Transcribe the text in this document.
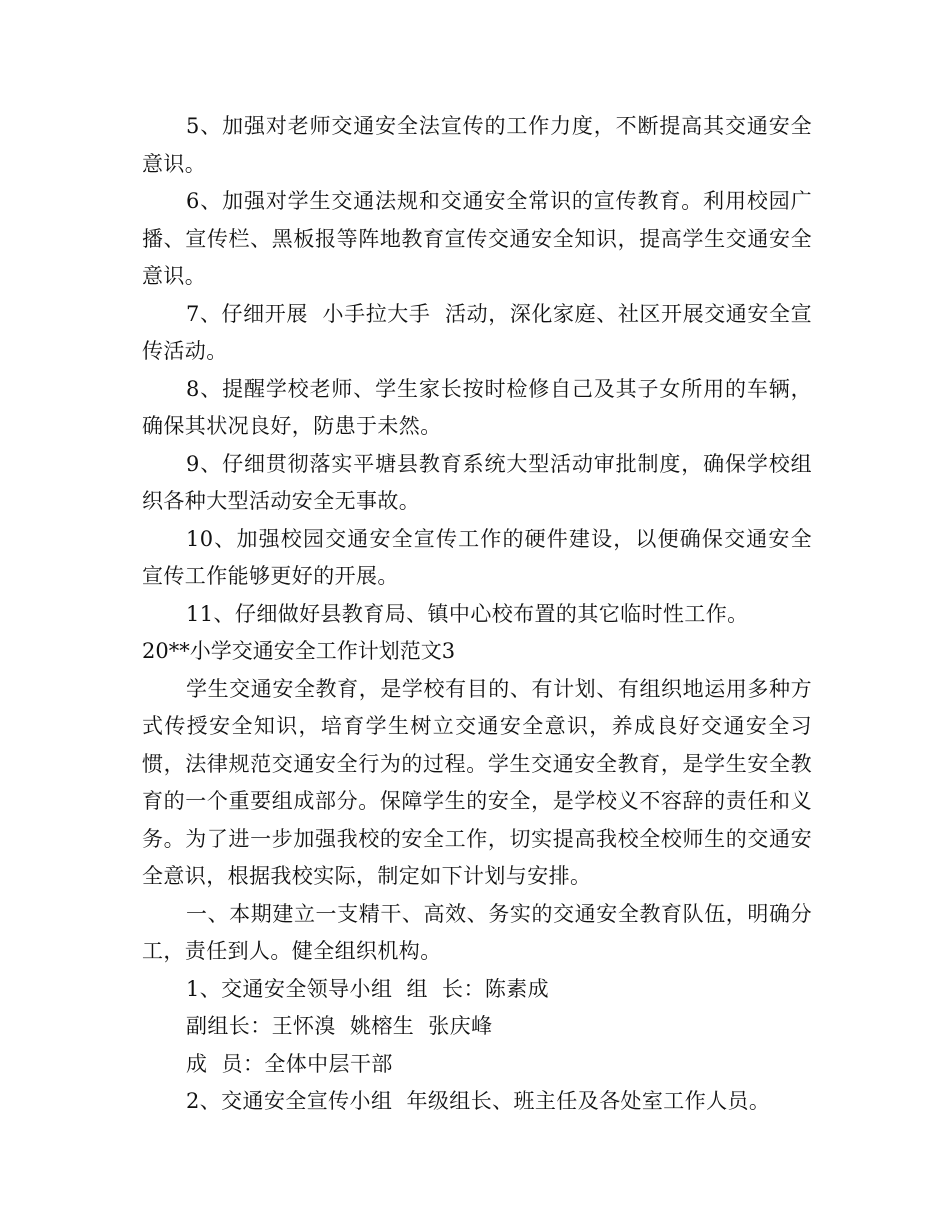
5、加强对老师交通安全法宣传的工作力度，不断提高其交通安全意识。

6、加强对学生交通法规和交通安全常识的宣传教育。利用校园广播、宣传栏、黑板报等阵地教育宣传交通安全知识，提高学生交通安全意识。

7、仔细开展  小手拉大手  活动，深化家庭、社区开展交通安全宣传活动。

8、提醒学校老师、学生家长按时检修自己及其子女所用的车辆，确保其状况良好，防患于未然。

9、仔细贯彻落实平塘县教育系统大型活动审批制度，确保学校组织各种大型活动安全无事故。

10、加强校园交通安全宣传工作的硬件建设，以便确保交通安全宣传工作能够更好的开展。

11、仔细做好县教育局、镇中心校布置的其它临时性工作。

20**小学交通安全工作计划范文3

学生交通安全教育，是学校有目的、有计划、有组织地运用多种方式传授安全知识，培育学生树立交通安全意识，养成良好交通安全习惯，法律规范交通安全行为的过程。学生交通安全教育，是学生安全教育的一个重要组成部分。保障学生的安全，是学校义不容辞的责任和义务。为了进一步加强我校的安全工作，切实提高我校全校师生的交通安全意识，根据我校实际，制定如下计划与安排。

一、本期建立一支精干、高效、务实的交通安全教育队伍，明确分工，责任到人。健全组织机构。

1、交通安全领导小组  组  长：陈素成

副组长：王怀溴  姚榕生  张庆峰

成  员：全体中层干部

2、交通安全宣传小组  年级组长、班主任及各处室工作人员。
